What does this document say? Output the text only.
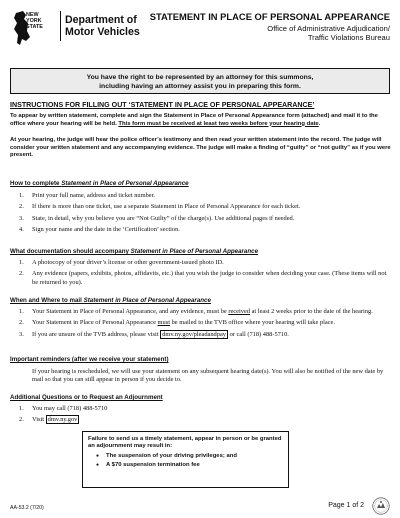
NEW
YORK
STATE
Department of
Motor Vehicles
STATEMENT IN PLACE OF PERSONAL APPEARANCE
Office of Administrative Adjudication/
Traffic Violations Bureau
You have the right to be represented by an attorney for this summons,
including having an attorney assist you in preparing this form.
INSTRUCTIONS FOR FILLING OUT ‘STATEMENT IN PLACE OF PERSONAL APPEARANCE’
To appear by written statement, complete and sign the Statement in Place of Personal Appearance form (attached) and mail it to the office where your hearing will be held. This form must be received at least two weeks before your hearing date.
At your hearing, the judge will hear the police officer’s testimony and then read your written statement into the record. The judge will consider your written statement and any accompanying evidence. The judge will make a finding of “guilty” or “not guilty” as if you were present.
How to complete Statement in Place of Personal Appearance
1. Print your full name, address and ticket number.
2. If there is more than one ticket, use a separate Statement in Place of Personal Appearance for each ticket.
3. State, in detail, why you believe you are “Not Guilty” of the charge(s). Use additional pages if needed.
4. Sign your name and the date in the ‘Certification’ section.
What documentation should accompany Statement in Place of Personal Appearance
1. A photocopy of your driver’s license or other government-issued photo ID.
2. Any evidence (papers, exhibits, photos, affidavits, etc.) that you wish the judge to consider when deciding your case. (These items will not be returned to you).
When and Where to mail Statement in Place of Personal Appearance
1. Your Statement in Place of Personal Appearance, and any evidence, must be received at least 2 weeks prior to the date of the hearing.
2. Your Statement in Place of Personal Appearance must be mailed to the TVB office where your hearing will take place.
3. If you are unsure of the TVB address, please visit dmv.ny.gov/pleadandpay or call (718) 488-5710.
Important reminders (after we receive your statement)
If your hearing is rescheduled, we will use your statement on any subsequent hearing date(s). You will also be notified of the new date by mail so that you can still appear in person if you decide to.
Additional Questions or to Request an Adjournment
1. You may call (718) 488-5710
2. Visit dmv.ny.gov
Failure to send us a timely statement, appear in person or be granted an adjournment may result in:
● The suspension of your driving privileges; and
● A $70 suspension termination fee
AA-53.2 (7/20)	Page 1 of 2
